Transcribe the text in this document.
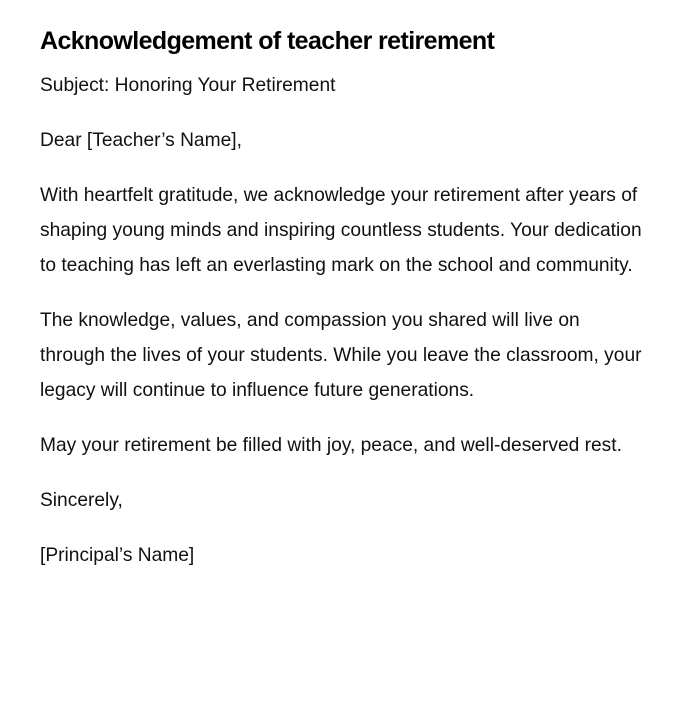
Acknowledgement of teacher retirement

Subject: Honoring Your Retirement

Dear [Teacher’s Name],

With heartfelt gratitude, we acknowledge your retirement after years of shaping young minds and inspiring countless students. Your dedication to teaching has left an everlasting mark on the school and community.

The knowledge, values, and compassion you shared will live on through the lives of your students. While you leave the classroom, your legacy will continue to influence future generations.

May your retirement be filled with joy, peace, and well-deserved rest.

Sincerely,

[Principal’s Name]
